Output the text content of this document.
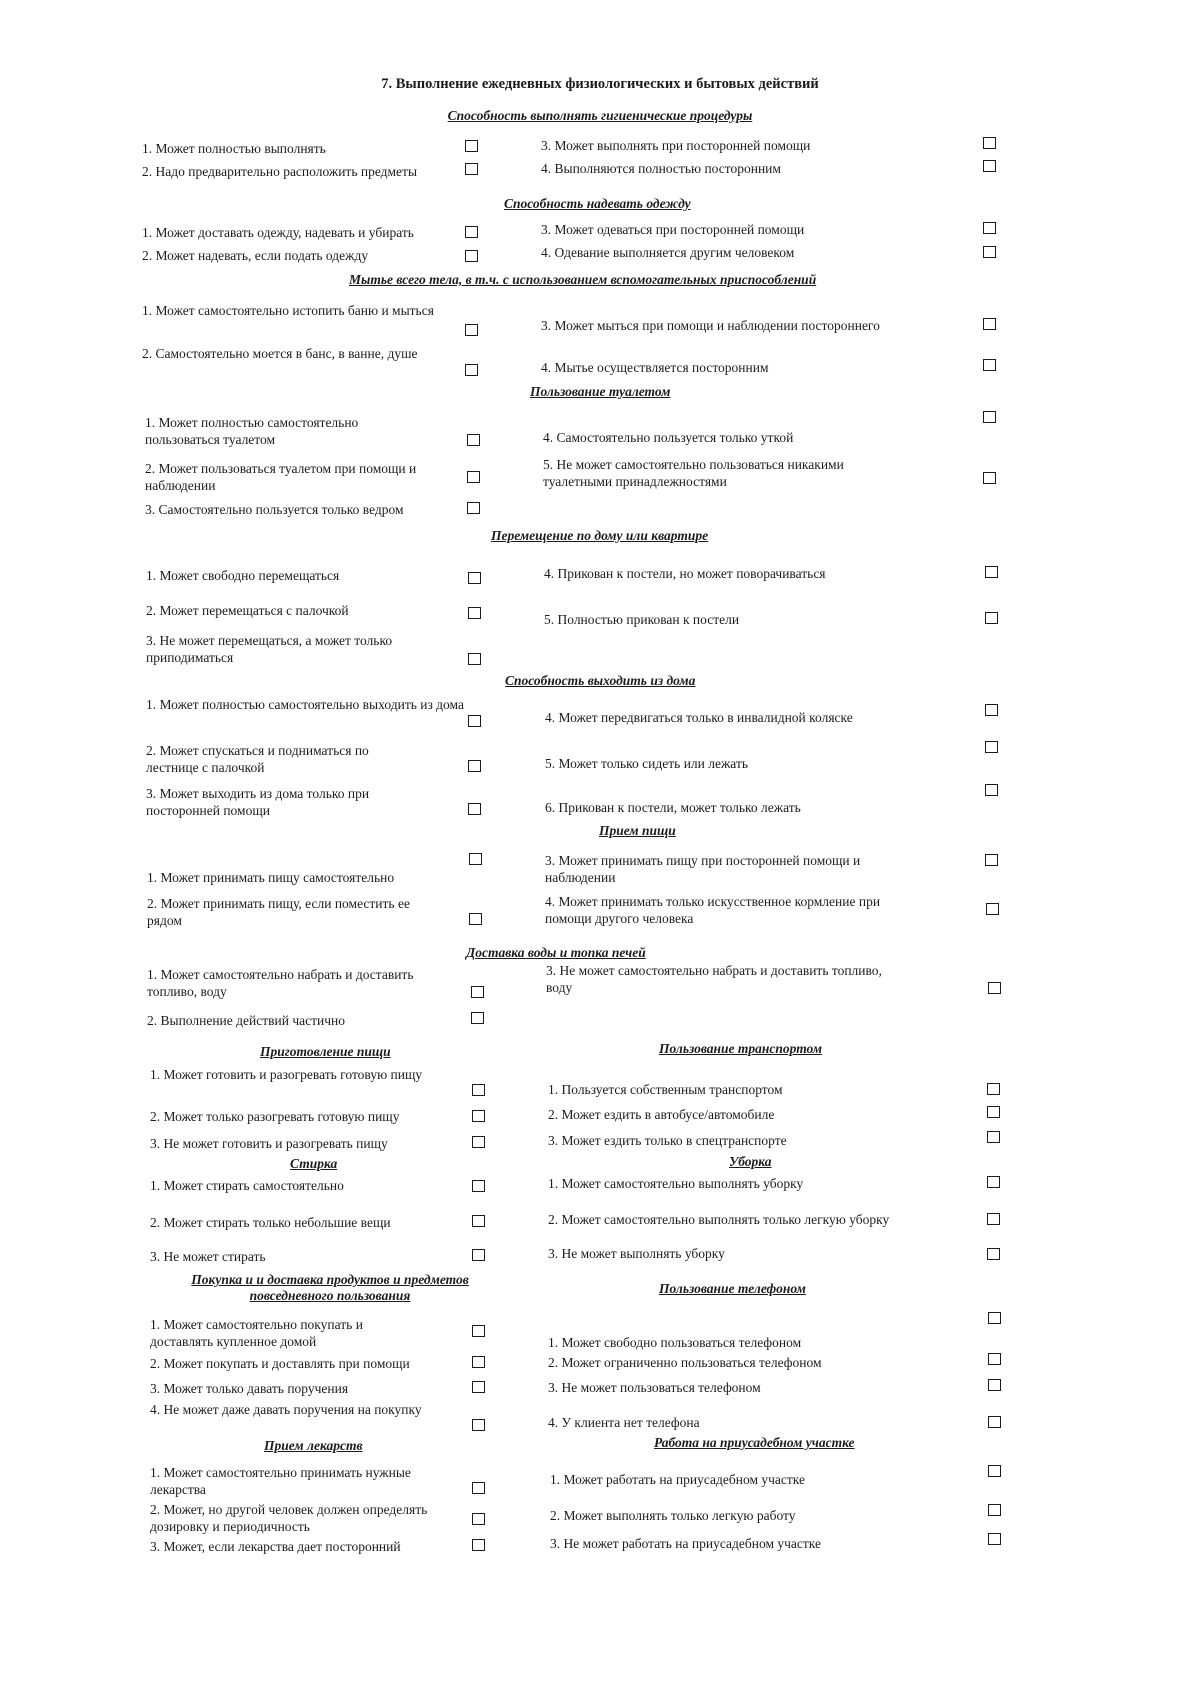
7. Выполнение ежедневных физиологических и бытовых действий
Способность выполнять гигиенические процедуры
1. Может полностью выполнять
2. Надо предварительно расположить предметы
3. Может выполнять при посторонней помощи
4. Выполняются полностью посторонним
Способность надевать одежду
1. Может доставать одежду, надевать и убирать
2. Может надевать, если подать одежду
3. Может одеваться при посторонней помощи
4. Одевание выполняется другим человеком
Мытье всего тела, в т.ч. с использованием вспомогательных приспособлений
1. Может самостоятельно истопить баню и мыться
2. Самостоятельно моется в банс, в ванне, душе
3. Может мыться при помощи и наблюдении постороннего
4. Мытье осуществляется посторонним
Пользование туалетом
1. Может полностью самостоятельно пользоваться туалетом
2. Может пользоваться туалетом при помощи и наблюдении
3. Самостоятельно пользуется только ведром
4. Самостоятельно пользуется только уткой
5. Не может самостоятельно пользоваться никакими туалетными принадлежностями
Перемещение по дому или квартире
1. Может свободно перемещаться
2. Может перемещаться с палочкой
3. Не может перемещаться, а может только приподиматься
4. Прикован к постели, но может поворачиваться
5. Полностью прикован к постели
Способность выходить из дома
1. Может полностью самостоятельно выходить из дома
2. Может спускаться и подниматься по лестнице с палочкой
3. Может выходить из дома только при посторонней помощи
4. Может передвигаться только в инвалидной коляске
5. Может только сидеть или лежать
6. Прикован к постели, может только лежать
Прием пищи
1. Может принимать пищу самостоятельно
2. Может принимать пищу, если поместить ее рядом
3. Может принимать пищу при посторонней помощи и наблюдении
4. Может принимать только искусственное кормление при помощи другого человека
Доставка воды и топка печей
1. Может самостоятельно набрать и доставить топливо, воду
2. Выполнение действий частично
3. Не может самостоятельно набрать и доставить топливо, воду
Приготовление пищи
1. Может готовить и разогревать готовую пищу
2. Может только разогревать готовую пищу
3. Не может готовить и разогревать пищу
Пользование транспортом
1. Пользуется собственным транспортом
2. Может ездить в автобусе/автомобиле
3. Может ездить только в спецтранспорте
Стирка
1. Может стирать самостоятельно
2. Может стирать только небольшие вещи
3. Не может стирать
Уборка
1. Может самостоятельно выполнять уборку
2. Может самостоятельно выполнять только легкую уборку
3. Не может выполнять уборку
Покупка и и доставка продуктов и предметов повседневного пользования
1. Может самостоятельно покупать и доставлять купленное домой
2. Может покупать и доставлять при помощи
3. Может только давать поручения
4. Не может даже давать поручения на покупку
Пользование телефоном
1. Может свободно пользоваться телефоном
2. Может ограниченно пользоваться телефоном
3. Не может пользоваться телефоном
4. У клиента нет телефона
Прием лекарств
1. Может самостоятельно принимать нужные лекарства
2. Может, но другой человек должен определять дозировку и периодичность
3. Может, если лекарства дает посторонний
Работа на приусадебном участке
1. Может работать на приусадебном участке
2. Может выполнять только легкую работу
3. Не может работать на приусадебном участке
